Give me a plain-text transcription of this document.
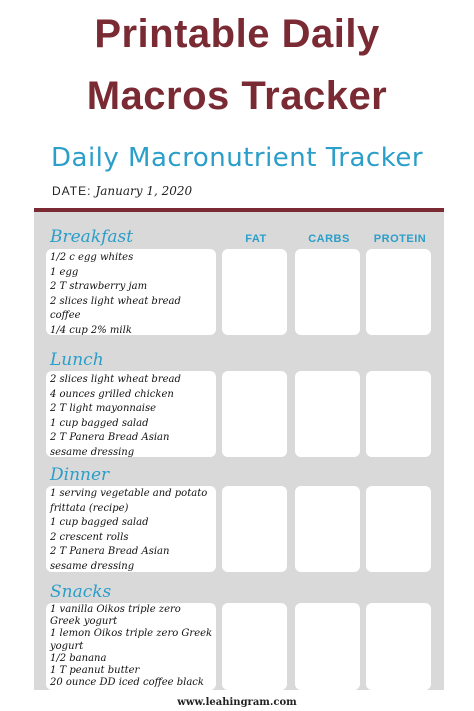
Printable Daily
Macros Tracker
Daily Macronutrient Tracker
DATE: January 1, 2020
FAT	CARBS	PROTEIN
Breakfast
1/2 c egg whites
1 egg
2 T strawberry jam
2 slices light wheat bread
coffee
1/4 cup 2% milk
Lunch
2 slices light wheat bread
4 ounces grilled chicken
2 T light mayonnaise
1 cup bagged salad
2 T Panera Bread Asian
sesame dressing
Dinner
1 serving vegetable and potato
frittata (recipe)
1 cup bagged salad
2 crescent rolls
2 T Panera Bread Asian
sesame dressing
Snacks
1 vanilla Oikos triple zero
Greek yogurt
1 lemon Oikos triple zero Greek
yogurt
1/2 banana
1 T peanut butter
20 ounce DD iced coffee black
www.leahingram.com
